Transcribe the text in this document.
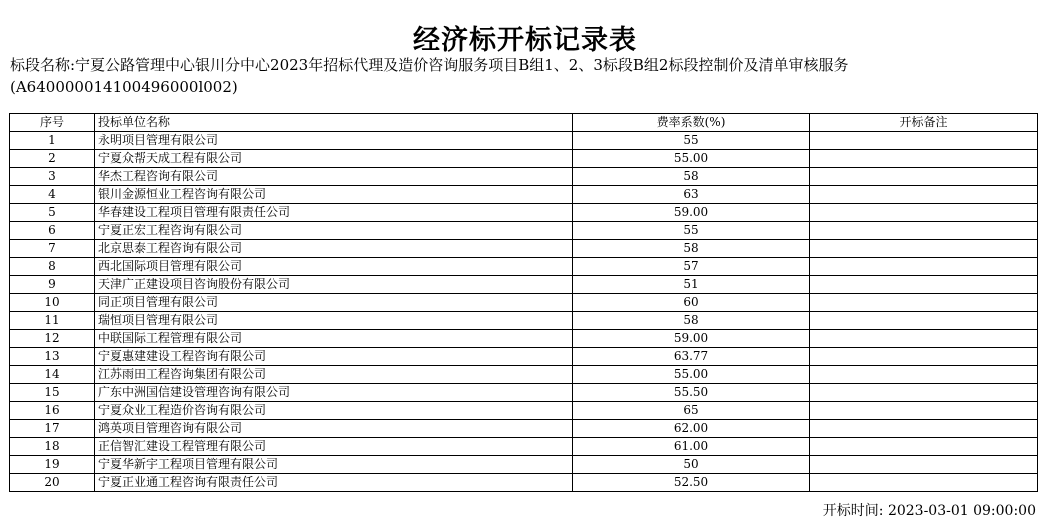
经济标开标记录表
标段名称:宁夏公路管理中心银川分中心2023年招标代理及造价咨询服务项目B组1、2、3标段B组2标段控制价及清单审核服务
(A640000014100496000l002)
序号	投标单位名称	费率系数(%)	开标备注
1	永明项目管理有限公司	55	
2	宁夏众帮天成工程有限公司	55.00	
3	华杰工程咨询有限公司	58	
4	银川金源恒业工程咨询有限公司	63	
5	华春建设工程项目管理有限责任公司	59.00	
6	宁夏正宏工程咨询有限公司	55	
7	北京思泰工程咨询有限公司	58	
8	西北国际项目管理有限公司	57	
9	天津广正建设项目咨询股份有限公司	51	
10	同正项目管理有限公司	60	
11	瑞恒项目管理有限公司	58	
12	中联国际工程管理有限公司	59.00	
13	宁夏惠建建设工程咨询有限公司	63.77	
14	江苏雨田工程咨询集团有限公司	55.00	
15	广东中洲国信建设管理咨询有限公司	55.50	
16	宁夏众业工程造价咨询有限公司	65	
17	鸿英项目管理咨询有限公司	62.00	
18	正信智汇建设工程管理有限公司	61.00	
19	宁夏华新宇工程项目管理有限公司	50	
20	宁夏正业通工程咨询有限责任公司	52.50	
开标时间: 2023-03-01 09:00:00
